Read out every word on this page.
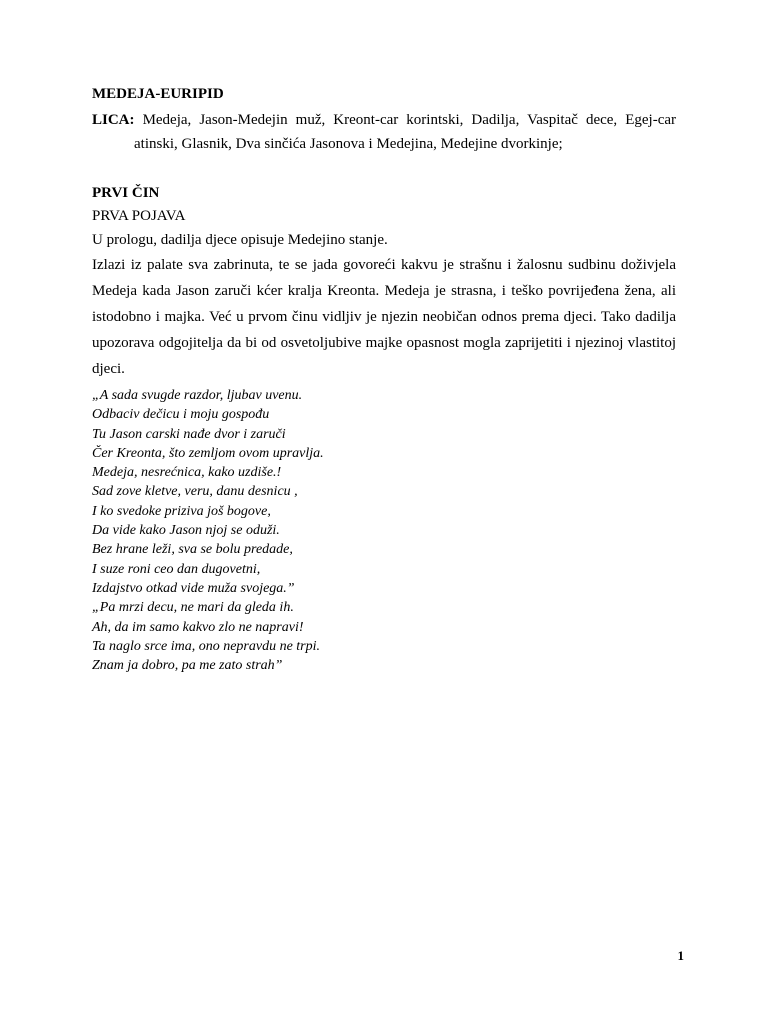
MEDEJA-EURIPID

LICA: Medeja, Jason-Medejin muž, Kreont-car korintski, Dadilja, Vaspitač dece, Egej-car atinski, Glasnik, Dva sinčića Jasonova i Medejina, Medejine dvorkinje;

PRVI ČIN
PRVA POJAVA

U prologu, dadilja djece opisuje Medejino stanje.

Izlazi iz palate sva zabrinuta, te se jada govoreći kakvu je strašnu i žalosnu sudbinu doživjela Medeja kada Jason zaruči kćer kralja Kreonta. Medeja je strasna, i teško povrijeđena žena, ali istodobno i majka. Već u prvom činu vidljiv je njezin neobičan odnos prema djeci. Tako dadilja upozorava odgojitelja da bi od osvetoljubive majke opasnost mogla zaprijetiti i njezinoj vlastitoj djeci.

„A sada svugde razdor, ljubav uvenu.
Odbaciv dečicu i moju gospođu
Tu Jason carski nađe dvor i zaruči
Čer Kreonta, što zemljom ovom upravlja.
Medeja, nesrećnica, kako uzdiše.!
Sad zove kletve, veru, danu desnicu ,
I ko svedoke priziva još bogove,
Da vide kako Jason njoj se oduži.
Bez hrane leži, sva se bolu predade,
I suze roni ceo dan dugovetni,
Izdajstvo otkad vide muža svojega.”
„Pa mrzi decu, ne mari da gleda ih.
Ah, da im samo kakvo zlo ne napravi!
Ta naglo srce ima, ono nepravdu ne trpi.
Znam ja dobro, pa me zato strah”
1
